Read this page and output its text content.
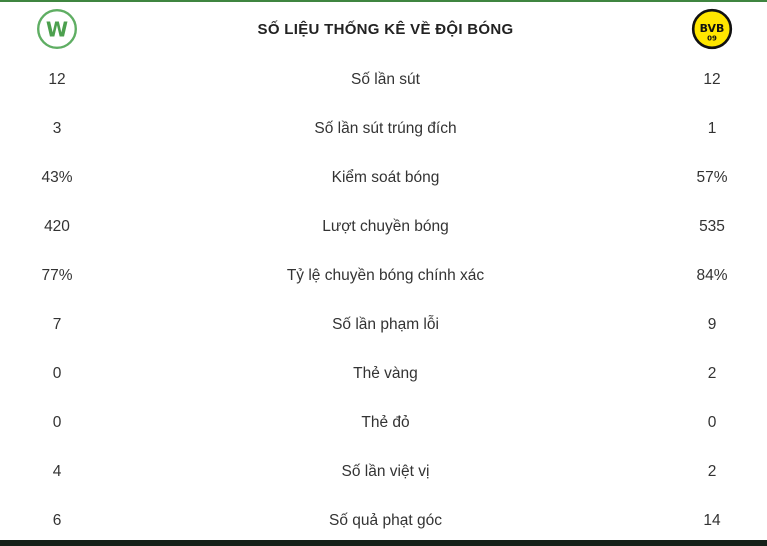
W	SỐ LIỆU THỐNG KÊ VỀ ĐỘI BÓNG	BVB
09
12	Số lần sút	12
3	Số lần sút trúng đích	1
43%	Kiểm soát bóng	57%
420	Lượt chuyền bóng	535
77%	Tỷ lệ chuyền bóng chính xác	84%
7	Số lần phạm lỗi	9
0	Thẻ vàng	2
0	Thẻ đỏ	0
4	Số lần việt vị	2
6	Số quả phạt góc	14
